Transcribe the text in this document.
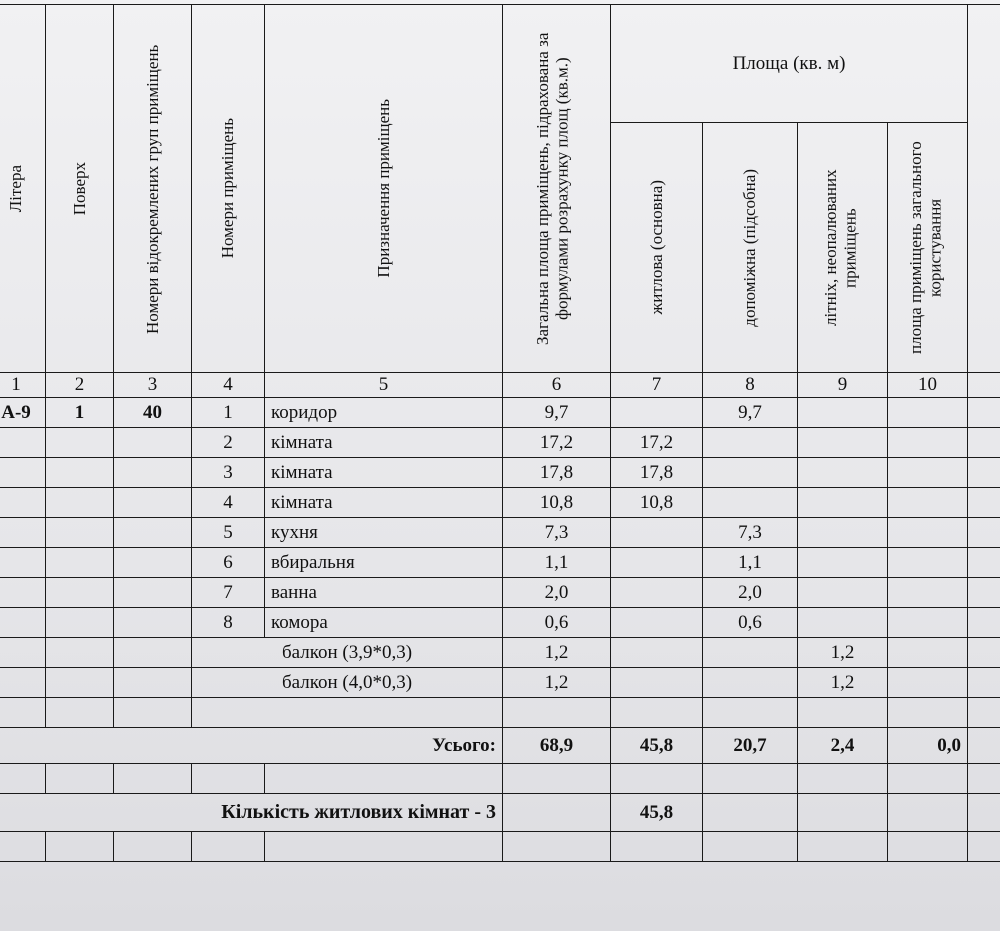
Літера	Поверх	Номери відокремлених груп приміщень	Номери приміщень	Призначення приміщень	Загальна площа приміщень, підрахована за формулами розрахунку площ (кв.м.)	Площа (кв. м)				

						житлова (основна)	допоміжна (підсобна)	літніх, неопалюваних приміщень	площа приміщень загального користування	

1	2	3	4	5	6	7	8	9	10	
А-9	1	40	1	коридор	9,7		9,7			
			2	кімната	17,2	17,2				
			3	кімната	17,8	17,8				
			4	кімната	10,8	10,8				
			5	кухня	7,3		7,3			
			6	вбиральня	1,1		1,1			
			7	ванна	2,0		2,0			
			8	комора	0,6		0,6			
			балкон (3,9*0,3)		1,2			1,2		
			балкон (4,0*0,3)		1,2			1,2		

Усього:					68,9	45,8	20,7	2,4	0,0	

Кількість житлових кімнат - 3						45,8				
